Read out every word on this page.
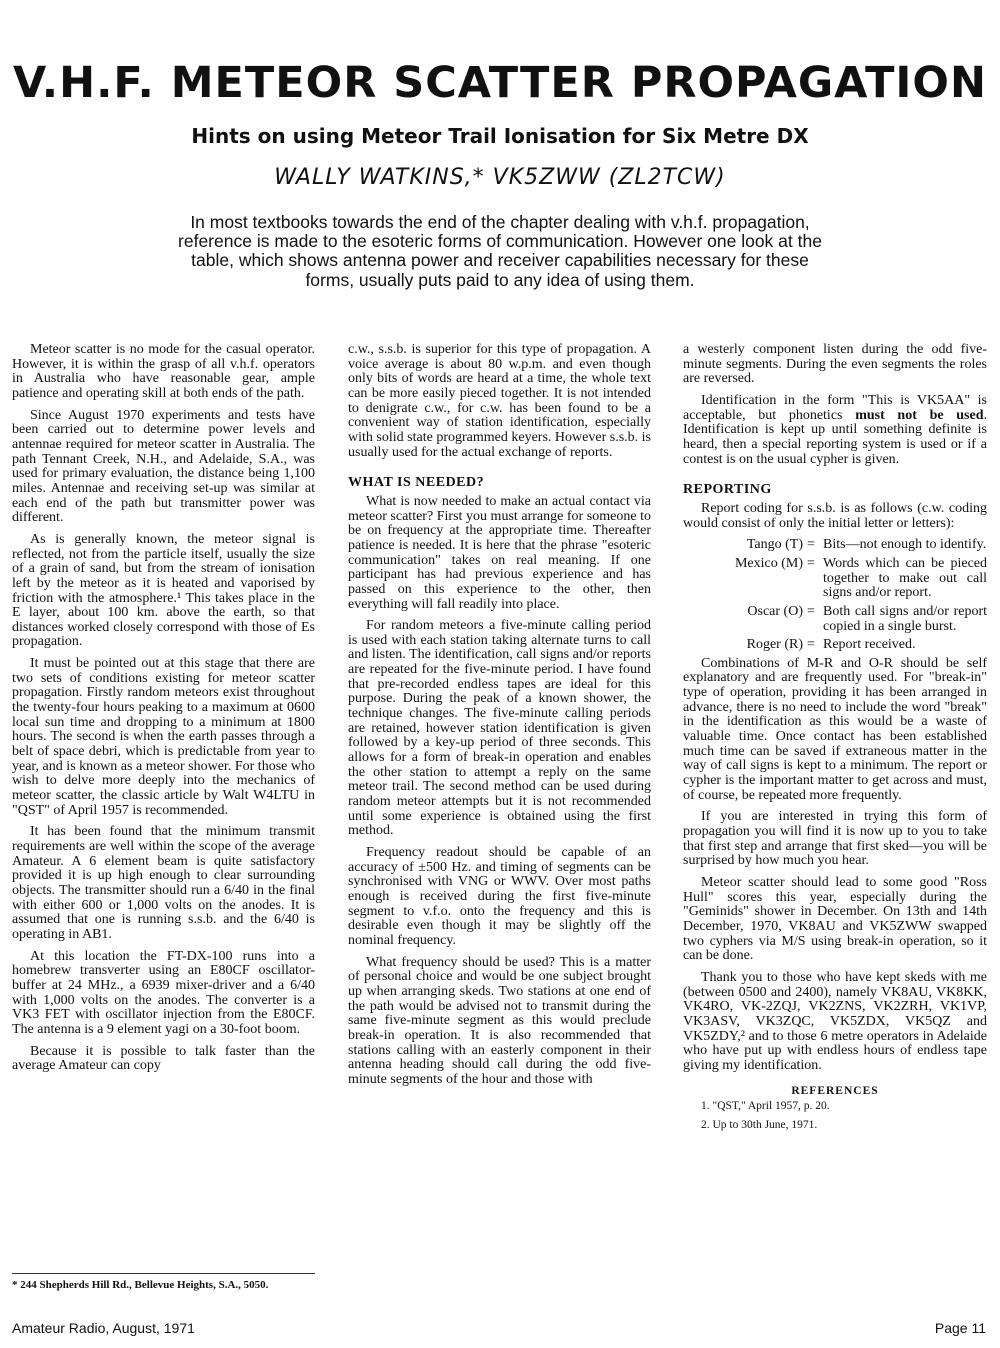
V.H.F. METEOR SCATTER PROPAGATION
Hints on using Meteor Trail Ionisation for Six Metre DX
WALLY WATKINS,* VK5ZWW (ZL2TCW)

In most textbooks towards the end of the chapter dealing with v.h.f. propagation, reference is made to the esoteric forms of communication. However one look at the table, which shows antenna power and receiver capabilities necessary for these forms, usually puts paid to any idea of using them.

Meteor scatter is no mode for the casual operator. However, it is within the grasp of all v.h.f. operators in Australia who have reasonable gear, ample patience and operating skill at both ends of the path.

Since August 1970 experiments and tests have been carried out to determine power levels and antennae required for meteor scatter in Australia. The path Tennant Creek, N.H., and Adelaide, S.A., was used for primary evaluation, the distance being 1,100 miles. Antennae and receiving set-up was similar at each end of the path but transmitter power was different.

As is generally known, the meteor signal is reflected, not from the particle itself, usually the size of a grain of sand, but from the stream of ionisation left by the meteor as it is heated and vaporised by friction with the atmosphere.¹ This takes place in the E layer, about 100 km. above the earth, so that distances worked closely correspond with those of Es propagation.

It must be pointed out at this stage that there are two sets of conditions existing for meteor scatter propagation. Firstly random meteors exist throughout the twenty-four hours peaking to a maximum at 0600 local sun time and dropping to a minimum at 1800 hours. The second is when the earth passes through a belt of space debri, which is predictable from year to year, and is known as a meteor shower. For those who wish to delve more deeply into the mechanics of meteor scatter, the classic article by Walt W4LTU in "QST" of April 1957 is recommended.

It has been found that the minimum transmit requirements are well within the scope of the average Amateur. A 6 element beam is quite satisfactory provided it is up high enough to clear surrounding objects. The transmitter should run a 6/40 in the final with either 600 or 1,000 volts on the anodes. It is assumed that one is running s.s.b. and the 6/40 is operating in AB1.

At this location the FT-DX-100 runs into a homebrew transverter using an E80CF oscillator-buffer at 24 MHz., a 6939 mixer-driver and a 6/40 with 1,000 volts on the anodes. The converter is a VK3 FET with oscillator injection from the E80CF. The antenna is a 9 element yagi on a 30-foot boom.

Because it is possible to talk faster than the average Amateur can copy

* 244 Shepherds Hill Rd., Bellevue Heights, S.A., 5050.

c.w., s.s.b. is superior for this type of propagation. A voice average is about 80 w.p.m. and even though only bits of words are heard at a time, the whole text can be more easily pieced together. It is not intended to denigrate c.w., for c.w. has been found to be a convenient way of station identification, especially with solid state programmed keyers. However s.s.b. is usually used for the actual exchange of reports.

WHAT IS NEEDED?

What is now needed to make an actual contact via meteor scatter? First you must arrange for someone to be on frequency at the appropriate time. Thereafter patience is needed. It is here that the phrase "esoteric communication" takes on real meaning. If one participant has had previous experience and has passed on this experience to the other, then everything will fall readily into place.

For random meteors a five-minute calling period is used with each station taking alternate turns to call and listen. The identification, call signs and/or reports are repeated for the five-minute period. I have found that pre-recorded endless tapes are ideal for this purpose. During the peak of a known shower, the technique changes. The five-minute calling periods are retained, however station identification is given followed by a key-up period of three seconds. This allows for a form of break-in operation and enables the other station to attempt a reply on the same meteor trail. The second method can be used during random meteor attempts but it is not recommended until some experience is obtained using the first method.

Frequency readout should be capable of an accuracy of ±500 Hz. and timing of segments can be synchronised with VNG or WWV. Over most paths enough is received during the first five-minute segment to v.f.o. onto the frequency and this is desirable even though it may be slightly off the nominal frequency.

What frequency should be used? This is a matter of personal choice and would be one subject brought up when arranging skeds. Two stations at one end of the path would be advised not to transmit during the same five-minute segment as this would preclude break-in operation. It is also recommended that stations calling with an easterly component in their antenna heading should call during the odd five-minute segments of the hour and those with

a westerly component listen during the odd five-minute segments. During the even segments the roles are reversed.

Identification in the form "This is VK5AA" is acceptable, but phonetics must not be used. Identification is kept up until something definite is heard, then a special reporting system is used or if a contest is on the usual cypher is given.

REPORTING

Report coding for s.s.b. is as follows (c.w. coding would consist of only the initial letter or letters):

Tango (T) = Bits—not enough to identify.
Mexico (M) = Words which can be pieced together to make out call signs and/or report.
Oscar (O) = Both call signs and/or report copied in a single burst.
Roger (R) = Report received.

Combinations of M-R and O-R should be self explanatory and are frequently used. For "break-in" type of operation, providing it has been arranged in advance, there is no need to include the word "break" in the identification as this would be a waste of valuable time. Once contact has been established much time can be saved if extraneous matter in the way of call signs is kept to a minimum. The report or cypher is the important matter to get across and must, of course, be repeated more frequently.

If you are interested in trying this form of propagation you will find it is now up to you to take that first step and arrange that first sked—you will be surprised by how much you hear.

Meteor scatter should lead to some good "Ross Hull" scores this year, especially during the "Geminids" shower in December. On 13th and 14th December, 1970, VK8AU and VK5ZWW swapped two cyphers via M/S using break-in operation, so it can be done.

Thank you to those who have kept skeds with me (between 0500 and 2400), namely VK8AU, VK8KK, VK4RO, VK-2ZQJ, VK2ZNS, VK2ZRH, VK1VP, VK3ASV, VK3ZQC, VK5ZDX, VK5QZ and VK5ZDY,² and to those 6 metre operators in Adelaide who have put up with endless hours of endless tape giving my identification.

REFERENCES

1. "QST," April 1957, p. 20.

2. Up to 30th June, 1971.

Amateur Radio, August, 1971	Page 11
